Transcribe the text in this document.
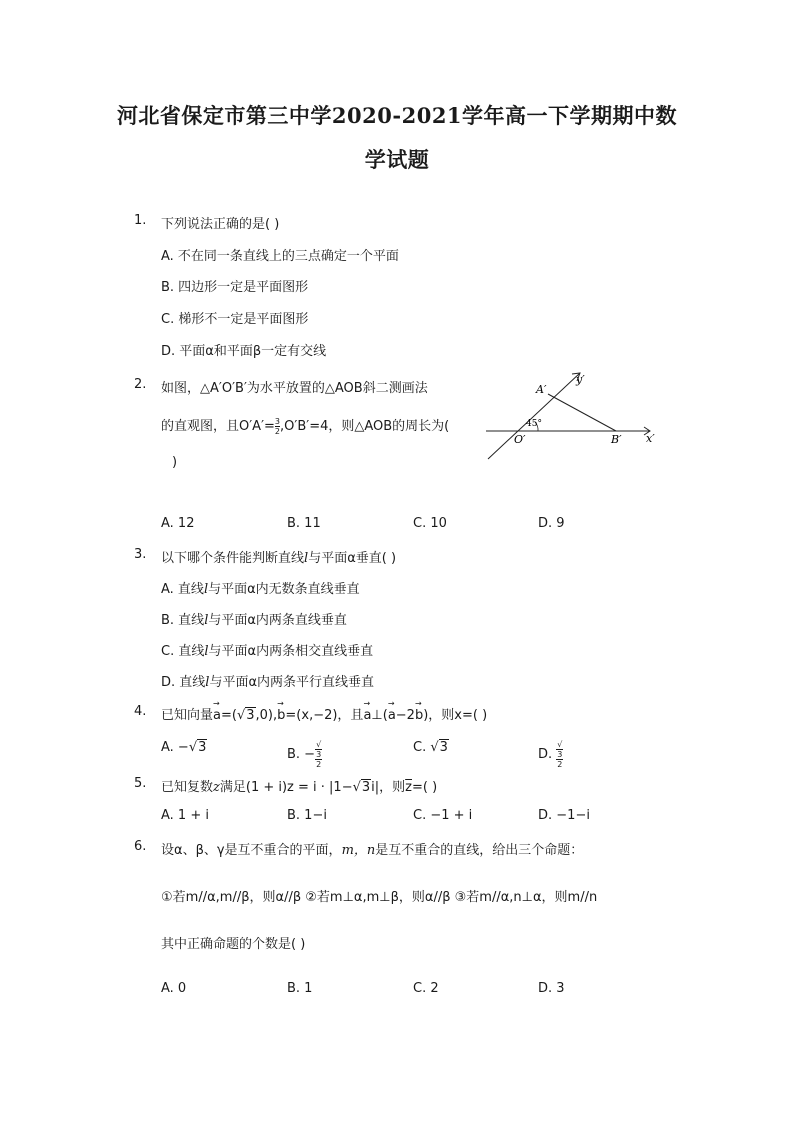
河北省保定市第三中学2020-2021学年高一下学期期中数
学试题
1. 下列说法正确的是( )
A. 不在同一条直线上的三点确定一个平面
B. 四边形一定是平面图形
C. 梯形不一定是平面图形
D. 平面α和平面β一定有交线
2. 如图，△A′O′B′为水平放置的△AOB斜二测画法
的直观图，且$O'A'= \frac{3}{2} ,O'B'=4$，则△AOB的周长为(
)
A′
O′	B′ x′
y′
45°
A. 12	B. 11	C. 10	D. 9
3. 以下哪个条件能判断直线l与平面α垂直( )
A. 直线l与平面α内无数条直线垂直
B. 直线l与平面α内两条直线垂直
C. 直线l与平面α内两条相交直线垂直
D. 直线l与平面α内两条平行直线垂直
4. 已知向量→ a=(√3,0),→ b=(x,−2)，且→ a⊥(→ a−2→ b)，则x=( )
A. −√3	B. − √
3
2	C. √3	D. √
3
2
5. 已知复数z满足(1 + i)z = i · |1−√3i|，则$\overline{z}=$( )
A. 1 + i	B. 1−i	C. −1 + i	D. −1−i
6. 设α、β、γ是互不重合的平面，m，n是互不重合的直线，给出三个命题：
①若m//α,m//β，则α//β ②若m⊥α,m⊥β，则α//β ③若m//α,n⊥α，则m//n
其中正确命题的个数是( )
A. 0	B. 1	C. 2	D. 3
